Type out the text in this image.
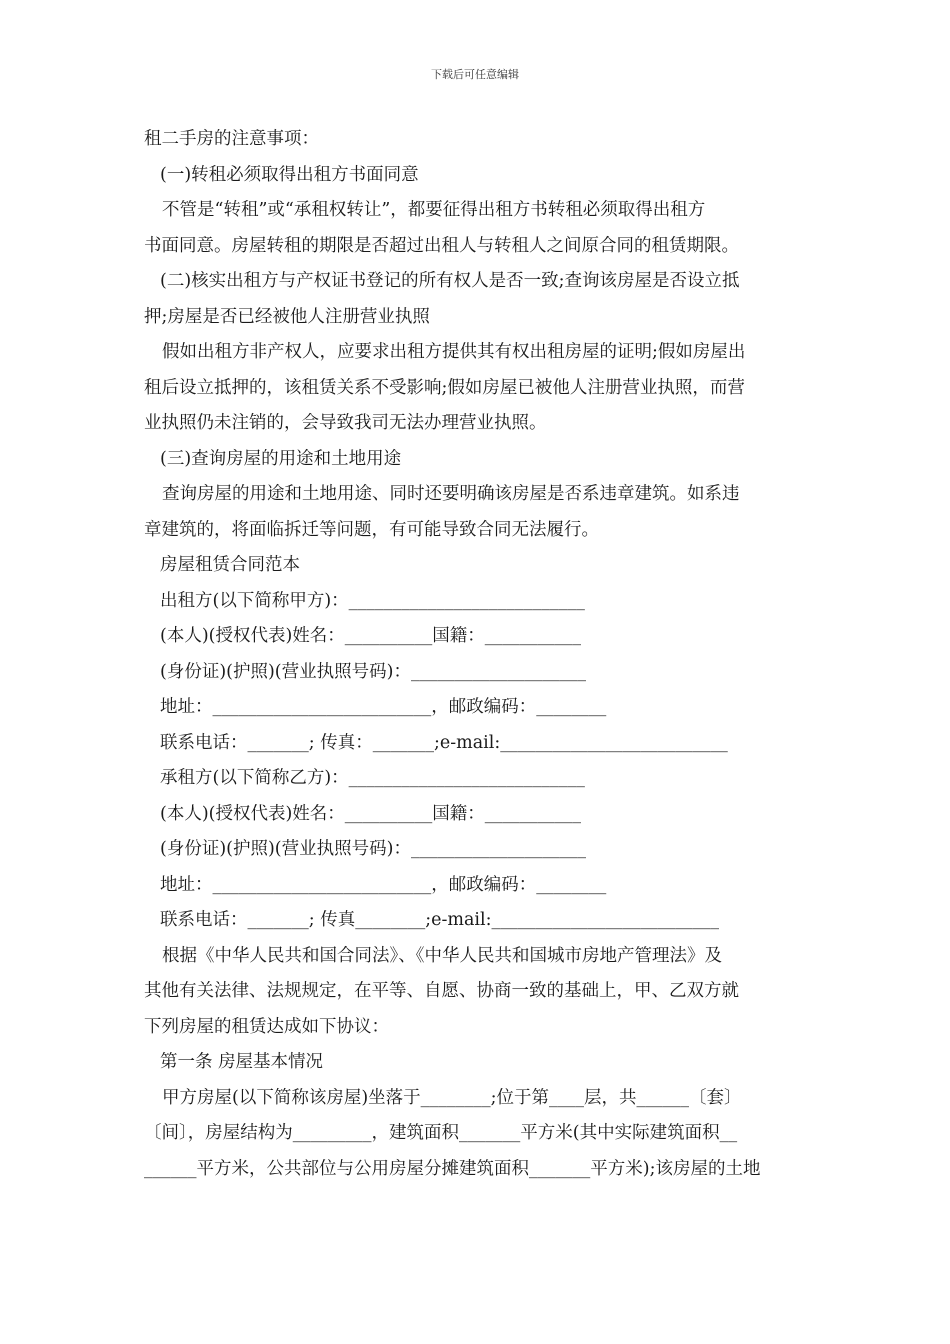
下载后可任意编辑
租二手房的注意事项：
(一)转租必须取得出租方书面同意
不管是“转租”或“承租权转让”，都要征得出租方书转租必须取得出租方
书面同意。房屋转租的期限是否超过出租人与转租人之间原合同的租赁期限。
(二)核实出租方与产权证书登记的所有权人是否一致;查询该房屋是否设立抵
押;房屋是否已经被他人注册营业执照
假如出租方非产权人，应要求出租方提供其有权出租房屋的证明;假如房屋出
租后设立抵押的，该租赁关系不受影响;假如房屋已被他人注册营业执照，而营
业执照仍未注销的，会导致我司无法办理营业执照。
(三)查询房屋的用途和土地用途
查询房屋的用途和土地用途、同时还要明确该房屋是否系违章建筑。如系违
章建筑的，将面临拆迁等问题，有可能导致合同无法履行。
房屋租赁合同范本
出租方(以下简称甲方)：___________________________
(本人)(授权代表)姓名：__________国籍：___________
(身份证)(护照)(营业执照号码)：____________________
地址：_________________________，邮政编码：________
联系电话：_______; 传真：_______;e-mail:__________________________
承租方(以下简称乙方)：___________________________
(本人)(授权代表)姓名：__________国籍：___________
(身份证)(护照)(营业执照号码)：____________________
地址：_________________________，邮政编码：________
联系电话：_______; 传真________;e-mail:__________________________
根据《中华人民共和国合同法》、《中华人民共和国城市房地产管理法》及
其他有关法律、法规规定，在平等、自愿、协商一致的基础上，甲、乙双方就
下列房屋的租赁达成如下协议：
第一条 房屋基本情况
甲方房屋(以下简称该房屋)坐落于________;位于第____层，共______〔套〕
〔间〕，房屋结构为_________，建筑面积_______平方米(其中实际建筑面积__
______平方米，公共部位与公用房屋分摊建筑面积_______平方米);该房屋的土地
